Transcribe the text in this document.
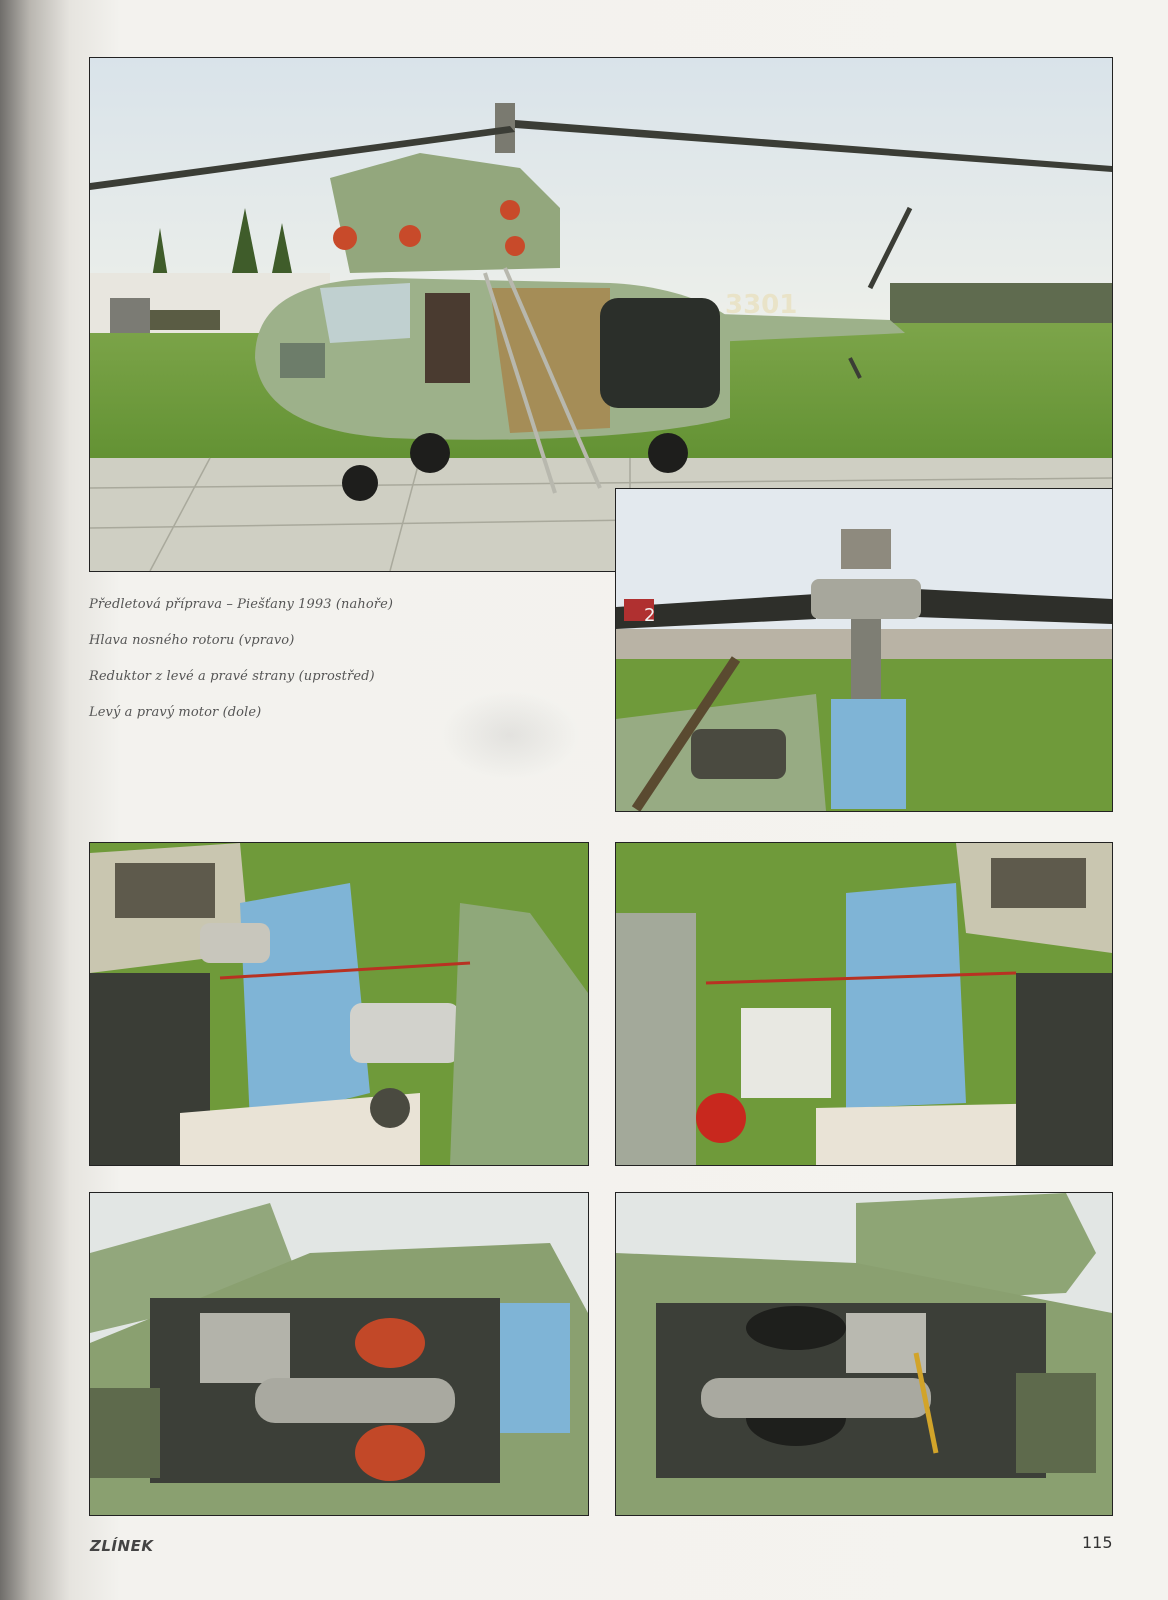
3301
2

Předletová příprava – Piešťany 1993 (nahoře)

Hlava nosného rotoru (vpravo)

Reduktor z levé a pravé strany (uprostřed)

Levý a pravý motor (dole)

ZLÍNEK	115
